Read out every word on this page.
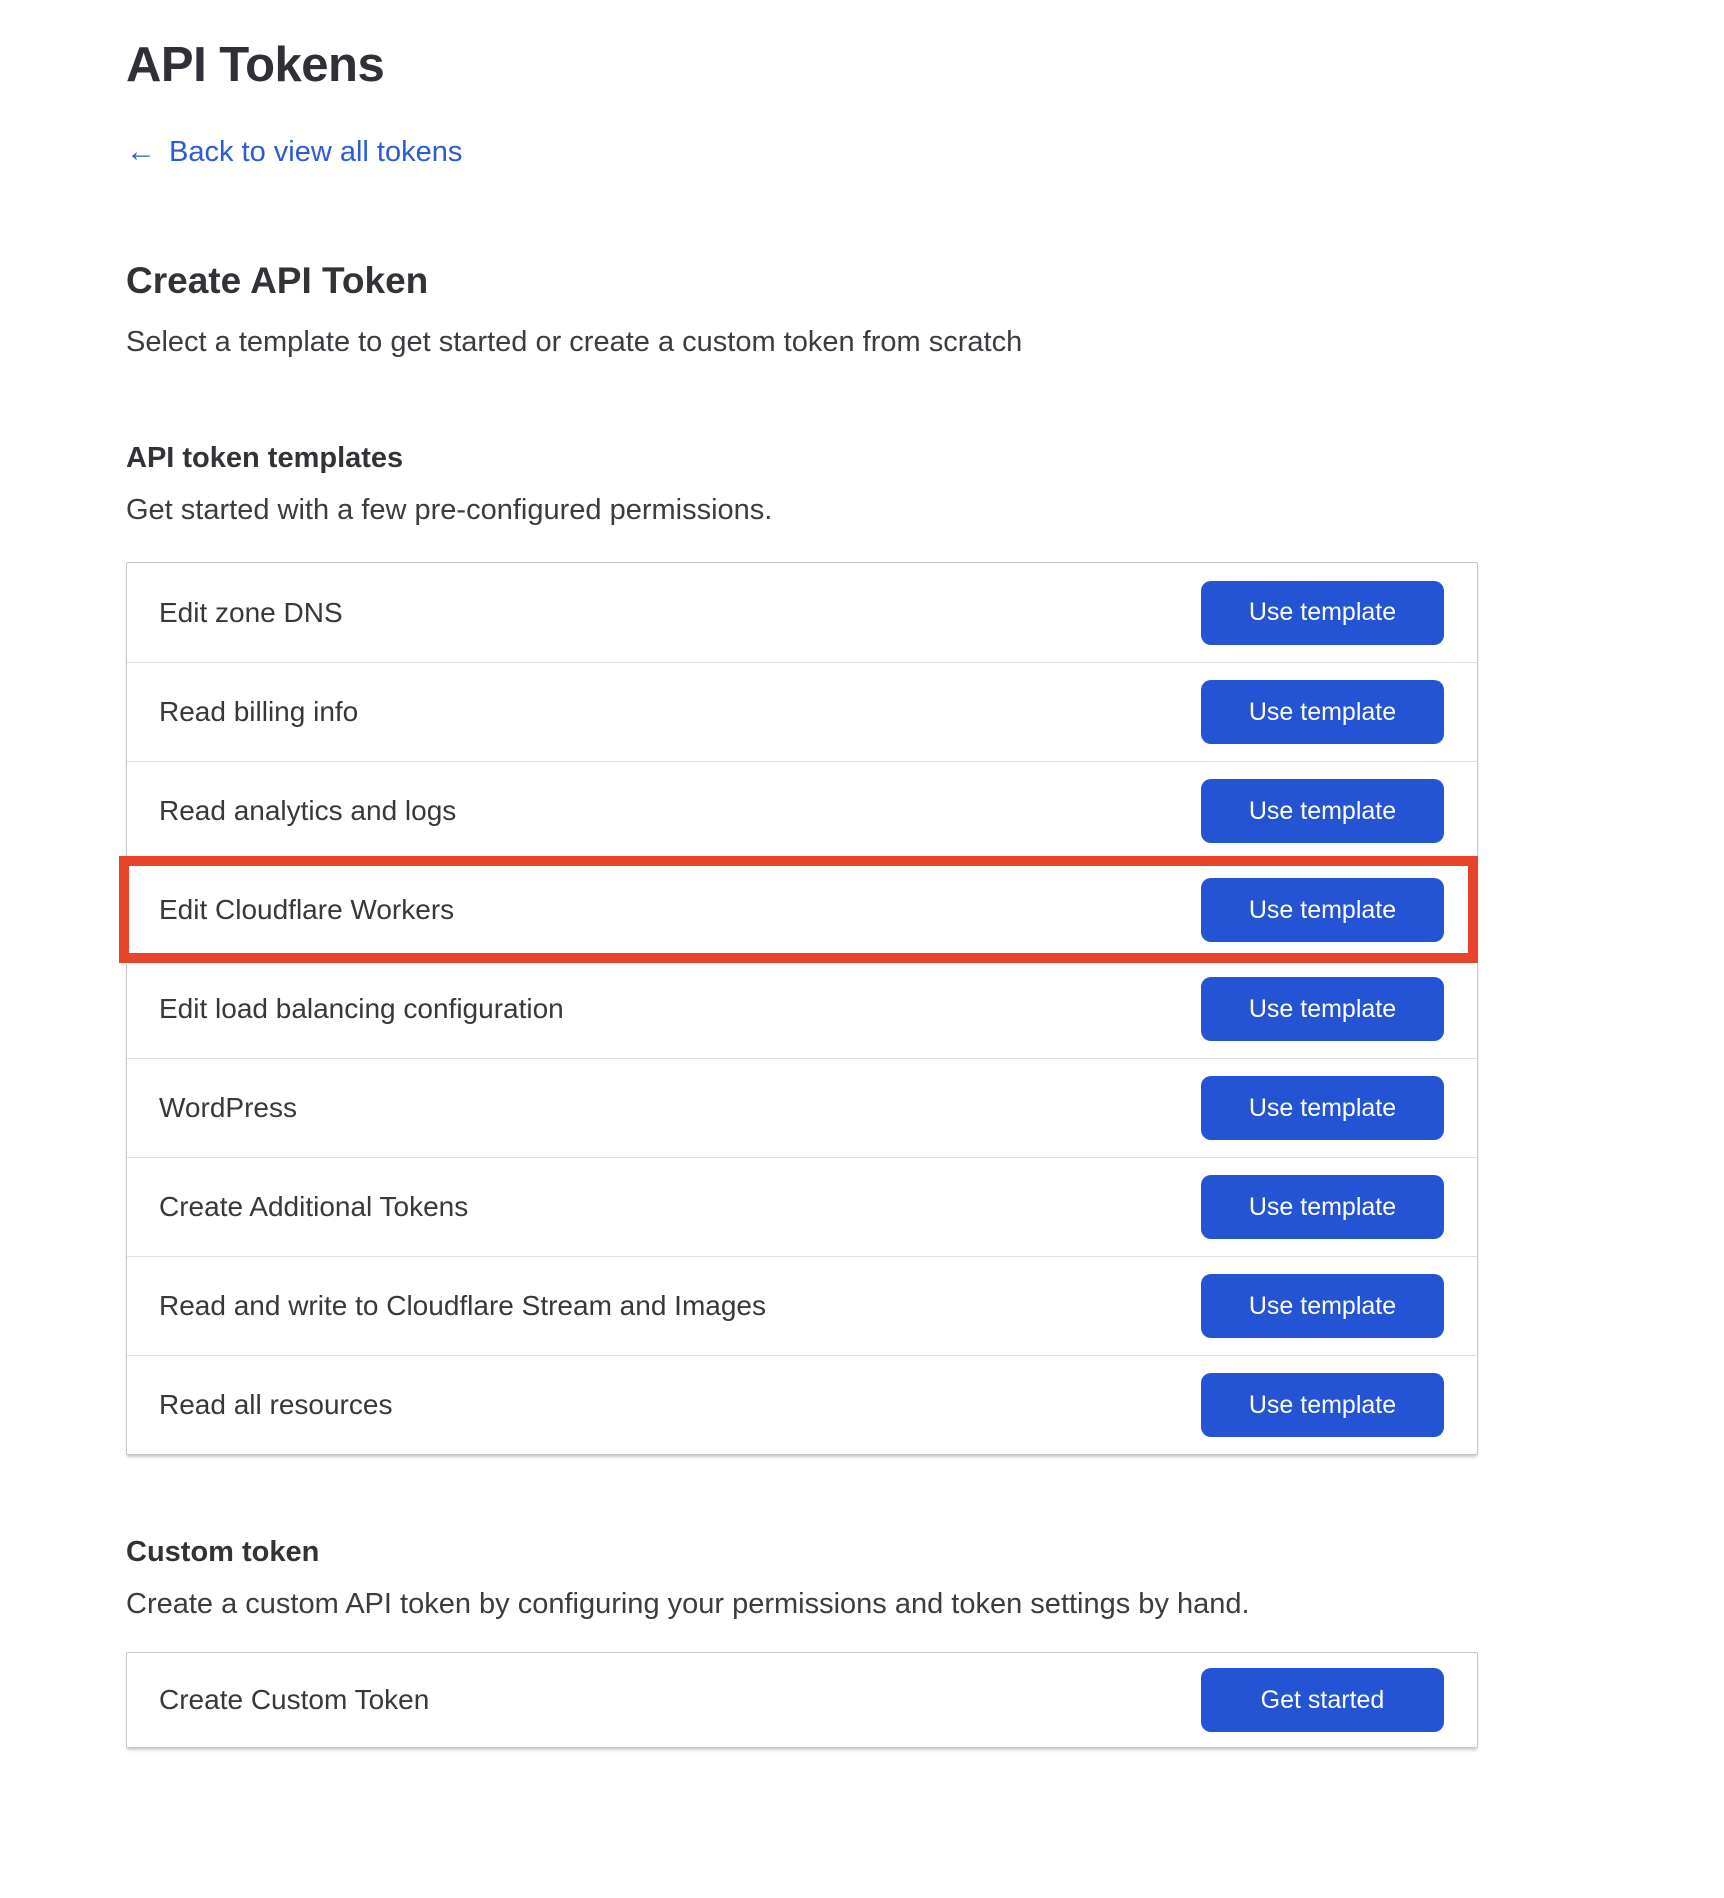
API Tokens
← Back to view all tokens
Create API Token

Select a template to get started or create a custom token from scratch

API token templates

Get started with a few pre-configured permissions.

Edit zone DNS	Use template
Read billing info	Use template
Read analytics and logs	Use template
Edit Cloudflare Workers	Use template
Edit load balancing configuration	Use template
WordPress	Use template
Create Additional Tokens	Use template
Read and write to Cloudflare Stream and Images	Use template
Read all resources	Use template
Custom token

Create a custom API token by configuring your permissions and token settings by hand.

Create Custom Token	Get started
